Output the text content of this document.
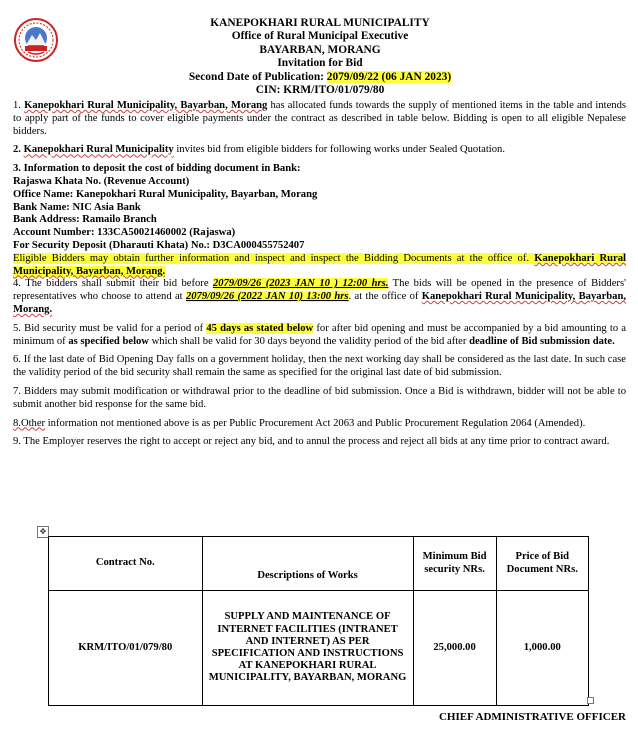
KANEPOKHARI RURAL MUNICIPALITY
Office of Rural Municipal Executive
BAYARBAN, MORANG
Invitation for Bid
Second Date of Publication: 2079/09/22 (06 JAN 2023)
CIN: KRM/ITO/01/079/80

1. Kanepokhari Rural Municipality, Bayarban, Morang has allocated funds towards the supply of mentioned items in the table and intends to apply part of the funds to cover eligible payments under the contract as described in table below. Bidding is open to all eligible Nepalese bidders.

2. Kanepokhari Rural Municipality invites bid from eligible bidders for following works under Sealed Quotation.

3. Information to deposit the cost of bidding document in Bank:
Rajaswa Khata No. (Revenue Account)
Office Name: Kanepokhari Rural Municipality, Bayarban, Morang
Bank Name: NIC Asia Bank
Bank Address: Ramailo Branch
Account Number: 133CA50021460002 (Rajaswa)
For Security Deposit (Dharauti Khata) No.: D3CA000455752407
Eligible Bidders may obtain further information and inspect and inspect the Bidding Documents at the office of. Kanepokhari Rural Municipality, Bayarban, Morang.

4. The bidders shall submit their bid before 2079/09/26 (2023 JAN 10 ) 12:00 hrs. The bids will be opened in the presence of Bidders' representatives who choose to attend at 2079/09/26 (2022 JAN 10) 13:00 hrs. at the office of Kanepokhari Rural Municipality, Bayarban, Morang.

5. Bid security must be valid for a period of 45 days as stated below for after bid opening and must be accompanied by a bid amounting to a minimum of as specified below which shall be valid for 30 days beyond the validity period of the bid after deadline of Bid submission date.

6. If the last date of Bid Opening Day falls on a government holiday, then the next working day shall be considered as the last date. In such case the validity period of the bid security shall remain the same as specified for the original last date of bid submission.

7. Bidders may submit modification or withdrawal prior to the deadline of bid submission. Once a Bid is withdrawn, bidder will not be able to submit another bid response for the same bid.

8.Other information not mentioned above is as per Public Procurement Act 2063 and Public Procurement Regulation 2064 (Amended).

9. The Employer reserves the right to accept or reject any bid, and to annul the process and reject all bids at any time prior to contract award.

✥
Contract No.	Descriptions of Works	Minimum Bid security NRs.	Price of Bid Document NRs.
KRM/ITO/01/079/80	SUPPLY AND MAINTENANCE OF INTERNET FACILITIES (INTRANET AND INTERNET) AS PER SPECIFICATION AND INSTRUCTIONS AT KANEPOKHARI RURAL MUNICIPALITY, BAYARBAN, MORANG	25,000.00	1,000.00
CHIEF ADMINISTRATIVE OFFICER
